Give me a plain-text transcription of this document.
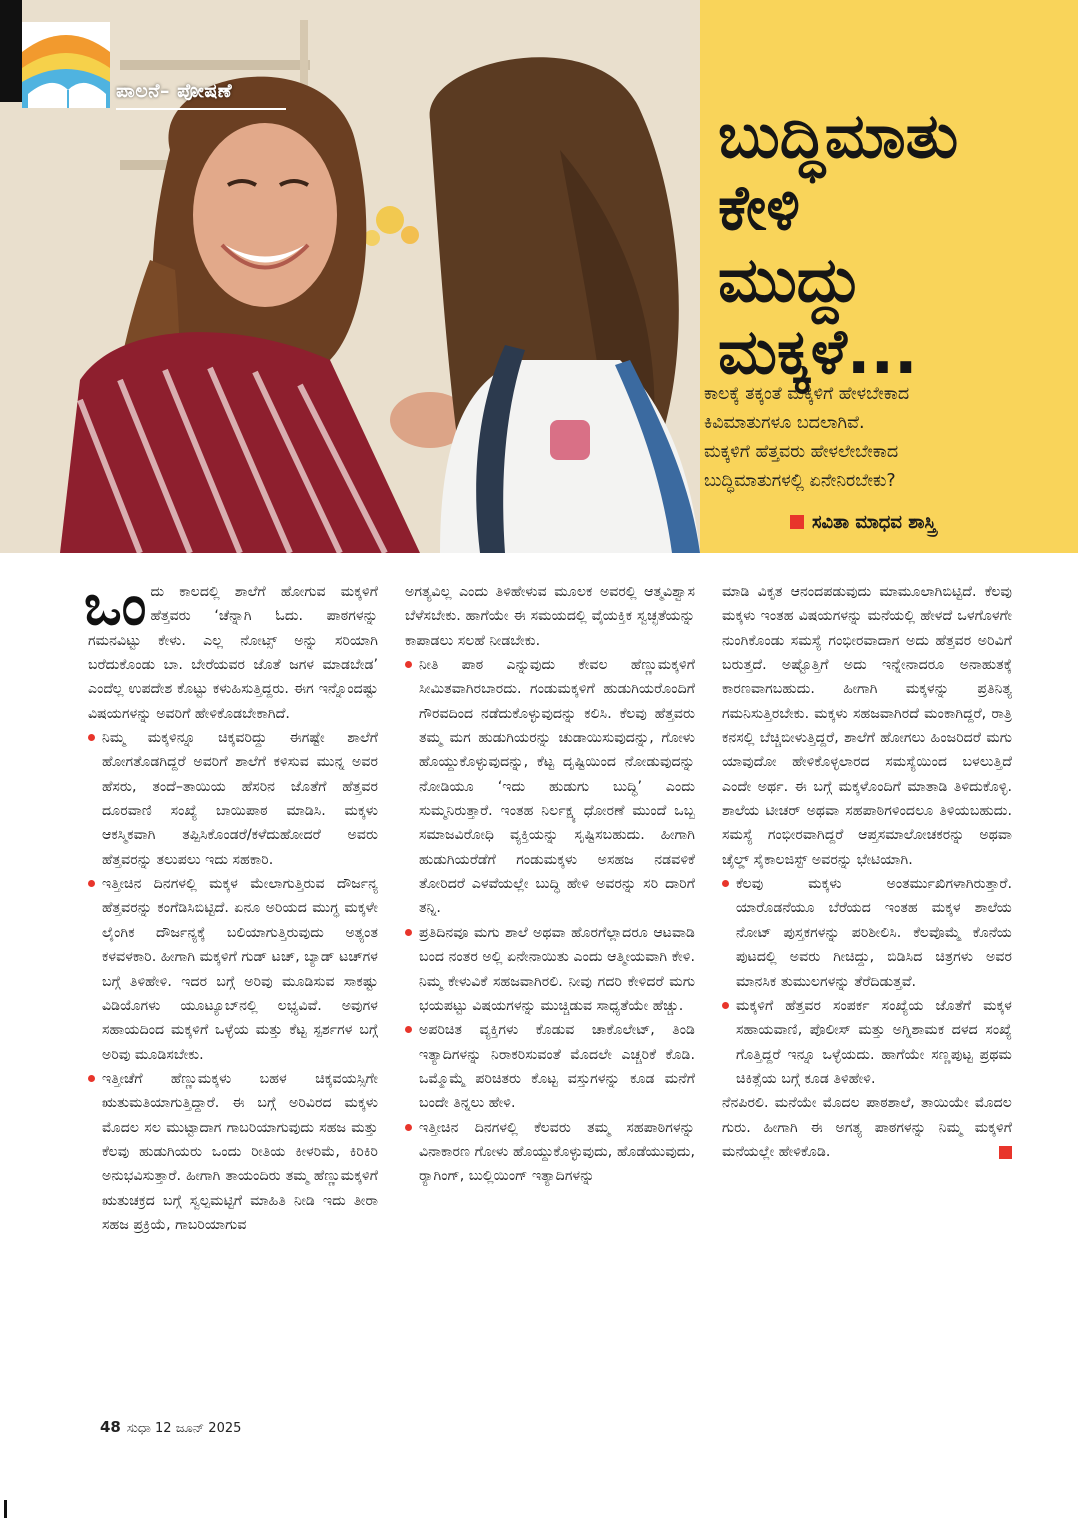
ಪಾಲನೆ– ಪೋಷಣೆ
ಬುದ್ಧಿಮಾತು
ಕೇಳಿ
ಮುದ್ದು
ಮಕ್ಕಳೆ...
ಕಾಲಕ್ಕೆ ತಕ್ಕಂತೆ ಮಕ್ಕಳಿಗೆ ಹೇಳಬೇಕಾದ
ಕಿವಿಮಾತುಗಳೂ ಬದಲಾಗಿವೆ.
ಮಕ್ಕಳಿಗೆ ಹೆತ್ತವರು ಹೇಳಲೇಬೇಕಾದ
ಬುದ್ಧಿಮಾತುಗಳಲ್ಲಿ ಏನೇನಿರಬೇಕು?
ಸವಿತಾ ಮಾಧವ ಶಾಸ್ತ್ರಿ

ಒಂದು ಕಾಲದಲ್ಲಿ ಶಾಲೆಗೆ ಹೋಗುವ ಮಕ್ಕಳಿಗೆ ಹೆತ್ತವರು ‘ಚೆನ್ನಾಗಿ ಓದು. ಪಾಠಗಳನ್ನು ಗಮನವಿಟ್ಟು ಕೇಳು. ಎಲ್ಲ ನೋಟ್ಸ್ ಅನ್ನು ಸರಿಯಾಗಿ ಬರೆದುಕೊಂಡು ಬಾ. ಬೇರೆಯವರ ಜೊತೆ ಜಗಳ ಮಾಡಬೇಡ’ ಎಂದೆಲ್ಲ ಉಪದೇಶ ಕೊಟ್ಟು ಕಳುಹಿಸುತ್ತಿದ್ದರು. ಈಗ ಇನ್ನೊಂದಷ್ಟು ವಿಷಯಗಳನ್ನು ಅವರಿಗೆ ಹೇಳಿಕೊಡಬೇಕಾಗಿದೆ.

ನಿಮ್ಮ ಮಕ್ಕಳಿನ್ನೂ ಚಿಕ್ಕವರಿದ್ದು ಈಗಷ್ಟೇ ಶಾಲೆಗೆ ಹೋಗತೊಡಗಿದ್ದರೆ ಅವರಿಗೆ ಶಾಲೆಗೆ ಕಳಿಸುವ ಮುನ್ನ ಅವರ ಹೆಸರು, ತಂದೆ–ತಾಯಿಯ ಹೆಸರಿನ ಜೊತೆಗೆ ಹೆತ್ತವರ ದೂರವಾಣಿ ಸಂಖ್ಯೆ ಬಾಯಿಪಾಠ ಮಾಡಿಸಿ. ಮಕ್ಕಳು ಆಕಸ್ಮಿಕವಾಗಿ ತಪ್ಪಿಸಿಕೊಂಡರೆ/ಕಳೆದುಹೋದರೆ ಅವರು ಹೆತ್ತವರನ್ನು ತಲುಪಲು ಇದು ಸಹಕಾರಿ.

ಇತ್ತೀಚಿನ ದಿನಗಳಲ್ಲಿ ಮಕ್ಕಳ ಮೇಲಾಗುತ್ತಿರುವ ದೌರ್ಜನ್ಯ ಹೆತ್ತವರನ್ನು ಕಂಗೆಡಿಸಿಬಿಟ್ಟಿದೆ. ಏನೂ ಅರಿಯದ ಮುಗ್ಧ ಮಕ್ಕಳೇ ಲೈಂಗಿಕ ದೌರ್ಜನ್ಯಕ್ಕೆ ಬಲಿಯಾಗುತ್ತಿರುವುದು ಅತ್ಯಂತ ಕಳವಳಕಾರಿ. ಹೀಗಾಗಿ ಮಕ್ಕಳಿಗೆ ಗುಡ್ ಟಚ್, ಬ್ಯಾಡ್ ಟಚ್‌ಗಳ ಬಗ್ಗೆ ತಿಳಿಹೇಳಿ. ಇದರ ಬಗ್ಗೆ ಅರಿವು ಮೂಡಿಸುವ ಸಾಕಷ್ಟು ವಿಡಿಯೊಗಳು ಯೂಟ್ಯೂಬ್‌ನಲ್ಲಿ ಲಭ್ಯವಿವೆ. ಅವುಗಳ ಸಹಾಯದಿಂದ ಮಕ್ಕಳಿಗೆ ಒಳ್ಳೆಯ ಮತ್ತು ಕೆಟ್ಟ ಸ್ಪರ್ಶಗಳ ಬಗ್ಗೆ ಅರಿವು ಮೂಡಿಸಬೇಕು.

ಇತ್ತೀಚೆಗೆ ಹೆಣ್ಣುಮಕ್ಕಳು ಬಹಳ ಚಿಕ್ಕವಯಸ್ಸಿಗೇ ಋತುಮತಿಯಾಗುತ್ತಿದ್ದಾರೆ. ಈ ಬಗ್ಗೆ ಅರಿವಿರದ ಮಕ್ಕಳು ಮೊದಲ ಸಲ ಮುಟ್ಟಾದಾಗ ಗಾಬರಿಯಾಗುವುದು ಸಹಜ ಮತ್ತು ಕೆಲವು ಹುಡುಗಿಯರು ಒಂದು ರೀತಿಯ ಕೀಳರಿಮೆ, ಕಿರಿಕಿರಿ ಅನುಭವಿಸುತ್ತಾರೆ. ಹೀಗಾಗಿ ತಾಯಂದಿರು ತಮ್ಮ ಹೆಣ್ಣುಮಕ್ಕಳಿಗೆ ಋತುಚಕ್ರದ ಬಗ್ಗೆ ಸ್ವಲ್ಪಮಟ್ಟಿಗೆ ಮಾಹಿತಿ ನೀಡಿ ಇದು ತೀರಾ ಸಹಜ ಪ್ರಕ್ರಿಯೆ, ಗಾಬರಿಯಾಗುವ

ಅಗತ್ಯವಿಲ್ಲ ಎಂದು ತಿಳಿಹೇಳುವ ಮೂಲಕ ಅವರಲ್ಲಿ ಆತ್ಮವಿಶ್ವಾಸ ಬೆಳೆಸಬೇಕು. ಹಾಗೆಯೇ ಈ ಸಮಯದಲ್ಲಿ ವೈಯಕ್ತಿಕ ಸ್ವಚ್ಛತೆಯನ್ನು ಕಾಪಾಡಲು ಸಲಹೆ ನೀಡಬೇಕು.

ನೀತಿ ಪಾಠ ಎನ್ನುವುದು ಕೇವಲ ಹೆಣ್ಣುಮಕ್ಕಳಿಗೆ ಸೀಮಿತವಾಗಿರಬಾರದು. ಗಂಡುಮಕ್ಕಳಿಗೆ ಹುಡುಗಿಯರೊಂದಿಗೆ ಗೌರವದಿಂದ ನಡೆದುಕೊಳ್ಳುವುದನ್ನು ಕಲಿಸಿ. ಕೆಲವು ಹೆತ್ತವರು ತಮ್ಮ ಮಗ ಹುಡುಗಿಯರನ್ನು ಚುಡಾಯಿಸುವುದನ್ನು, ಗೋಳು ಹೊಯ್ದುಕೊಳ್ಳುವುದನ್ನು, ಕೆಟ್ಟ ದೃಷ್ಟಿಯಿಂದ ನೋಡುವುದನ್ನು ನೋಡಿಯೂ ‘ಇದು ಹುಡುಗು ಬುದ್ಧಿ’ ಎಂದು ಸುಮ್ಮನಿರುತ್ತಾರೆ. ಇಂತಹ ನಿರ್ಲಕ್ಷ್ಯ ಧೋರಣೆ ಮುಂದೆ ಒಬ್ಬ ಸಮಾಜವಿರೋಧಿ ವ್ಯಕ್ತಿಯನ್ನು ಸೃಷ್ಟಿಸಬಹುದು. ಹೀಗಾಗಿ ಹುಡುಗಿಯರೆಡೆಗೆ ಗಂಡುಮಕ್ಕಳು ಅಸಹಜ ನಡವಳಿಕೆ ತೋರಿದರೆ ಎಳವೆಯಲ್ಲೇ ಬುದ್ಧಿ ಹೇಳಿ ಅವರನ್ನು ಸರಿ ದಾರಿಗೆ ತನ್ನಿ.

ಪ್ರತಿದಿನವೂ ಮಗು ಶಾಲೆ ಅಥವಾ ಹೊರಗೆಲ್ಲಾದರೂ ಆಟವಾಡಿ ಬಂದ ನಂತರ ಅಲ್ಲಿ ಏನೇನಾಯಿತು ಎಂದು ಆತ್ಮೀಯವಾಗಿ ಕೇಳಿ. ನಿಮ್ಮ ಕೇಳುವಿಕೆ ಸಹಜವಾಗಿರಲಿ. ನೀವು ಗದರಿ ಕೇಳಿದರೆ ಮಗು ಭಯಪಟ್ಟು ವಿಷಯಗಳನ್ನು ಮುಚ್ಚಿಡುವ ಸಾಧ್ಯತೆಯೇ ಹೆಚ್ಚು.

ಅಪರಿಚಿತ ವ್ಯಕ್ತಿಗಳು ಕೊಡುವ ಚಾಕೊಲೇಟ್, ತಿಂಡಿ ಇತ್ಯಾದಿಗಳನ್ನು ನಿರಾಕರಿಸುವಂತೆ ಮೊದಲೇ ಎಚ್ಚರಿಕೆ ಕೊಡಿ. ಒಮ್ಮೊಮ್ಮೆ ಪರಿಚಿತರು ಕೊಟ್ಟ ವಸ್ತುಗಳನ್ನು ಕೂಡ ಮನೆಗೆ ಬಂದೇ ತಿನ್ನಲು ಹೇಳಿ.

ಇತ್ತೀಚಿನ ದಿನಗಳಲ್ಲಿ ಕೆಲವರು ತಮ್ಮ ಸಹಪಾಠಿಗಳನ್ನು ವಿನಾಕಾರಣ ಗೋಳು ಹೊಯ್ದುಕೊಳ್ಳುವುದು, ಹೊಡೆಯುವುದು, ರ್‍ಯಾಗಿಂಗ್, ಬುಲ್ಲಿಯಿಂಗ್ ಇತ್ಯಾದಿಗಳನ್ನು

ಮಾಡಿ ವಿಕೃತ ಆನಂದಪಡುವುದು ಮಾಮೂಲಾಗಿಬಿಟ್ಟಿದೆ. ಕೆಲವು ಮಕ್ಕಳು ಇಂತಹ ವಿಷಯಗಳನ್ನು ಮನೆಯಲ್ಲಿ ಹೇಳದೆ ಒಳಗೊಳಗೇ ನುಂಗಿಕೊಂಡು ಸಮಸ್ಯೆ ಗಂಭೀರವಾದಾಗ ಅದು ಹೆತ್ತವರ ಅರಿವಿಗೆ ಬರುತ್ತದೆ. ಅಷ್ಟೊತ್ತಿಗೆ ಅದು ಇನ್ನೇನಾದರೂ ಅನಾಹುತಕ್ಕೆ ಕಾರಣವಾಗಬಹುದು. ಹೀಗಾಗಿ ಮಕ್ಕಳನ್ನು ಪ್ರತಿನಿತ್ಯ ಗಮನಿಸುತ್ತಿರಬೇಕು. ಮಕ್ಕಳು ಸಹಜವಾಗಿರದೆ ಮಂಕಾಗಿದ್ದರೆ, ರಾತ್ರಿ ಕನಸಲ್ಲಿ ಬೆಚ್ಚಿಬೀಳುತ್ತಿದ್ದರೆ, ಶಾಲೆಗೆ ಹೋಗಲು ಹಿಂಜರಿದರೆ ಮಗು ಯಾವುದೋ ಹೇಳಿಕೊಳ್ಳಲಾರದ ಸಮಸ್ಯೆಯಿಂದ ಬಳಲುತ್ತಿದೆ ಎಂದೇ ಅರ್ಥ. ಈ ಬಗ್ಗೆ ಮಕ್ಕಳೊಂದಿಗೆ ಮಾತಾಡಿ ತಿಳಿದುಕೊಳ್ಳಿ. ಶಾಲೆಯ ಟೀಚರ್ ಅಥವಾ ಸಹಪಾಠಿಗಳಿಂದಲೂ ತಿಳಿಯಬಹುದು. ಸಮಸ್ಯೆ ಗಂಭೀರವಾಗಿದ್ದರೆ ಆಪ್ತಸಮಾಲೋಚಕರನ್ನು ಅಥವಾ ಚೈಲ್ಡ್ ಸೈಕಾಲಜಿಸ್ಟ್ ಅವರನ್ನು ಭೇಟಿಯಾಗಿ.

ಕೆಲವು ಮಕ್ಕಳು ಅಂತರ್ಮುಖಿಗಳಾಗಿರುತ್ತಾರೆ. ಯಾರೊಡನೆಯೂ ಬೆರೆಯದ ಇಂತಹ ಮಕ್ಕಳ ಶಾಲೆಯ ನೋಟ್ ಪುಸ್ತಕಗಳನ್ನು ಪರಿಶೀಲಿಸಿ. ಕೆಲವೊಮ್ಮೆ ಕೊನೆಯ ಪುಟದಲ್ಲಿ ಅವರು ಗೀಚಿದ್ದು, ಬಿಡಿಸಿದ ಚಿತ್ರಗಳು ಅವರ ಮಾನಸಿಕ ತುಮುಲಗಳನ್ನು ತೆರೆದಿಡುತ್ತವೆ.

ಮಕ್ಕಳಿಗೆ ಹೆತ್ತವರ ಸಂಪರ್ಕ ಸಂಖ್ಯೆಯ ಜೊತೆಗೆ ಮಕ್ಕಳ ಸಹಾಯವಾಣಿ, ಪೊಲೀಸ್ ಮತ್ತು ಅಗ್ನಿಶಾಮಕ ದಳದ ಸಂಖ್ಯೆ ಗೊತ್ತಿದ್ದರೆ ಇನ್ನೂ ಒಳ್ಳೆಯದು. ಹಾಗೆಯೇ ಸಣ್ಣಪುಟ್ಟ ಪ್ರಥಮ ಚಿಕಿತ್ಸೆಯ ಬಗ್ಗೆ ಕೂಡ ತಿಳಿಹೇಳಿ.

ನೆನಪಿರಲಿ. ಮನೆಯೇ ಮೊದಲ ಪಾಠಶಾಲೆ, ತಾಯಿಯೇ ಮೊದಲ ಗುರು. ಹೀಗಾಗಿ ಈ ಅಗತ್ಯ ಪಾಠಗಳನ್ನು ನಿಮ್ಮ ಮಕ್ಕಳಿಗೆ ಮನೆಯಲ್ಲೇ ಹೇಳಿಕೊಡಿ.

48 ಸುಧಾ 12 ಜೂನ್ 2025
